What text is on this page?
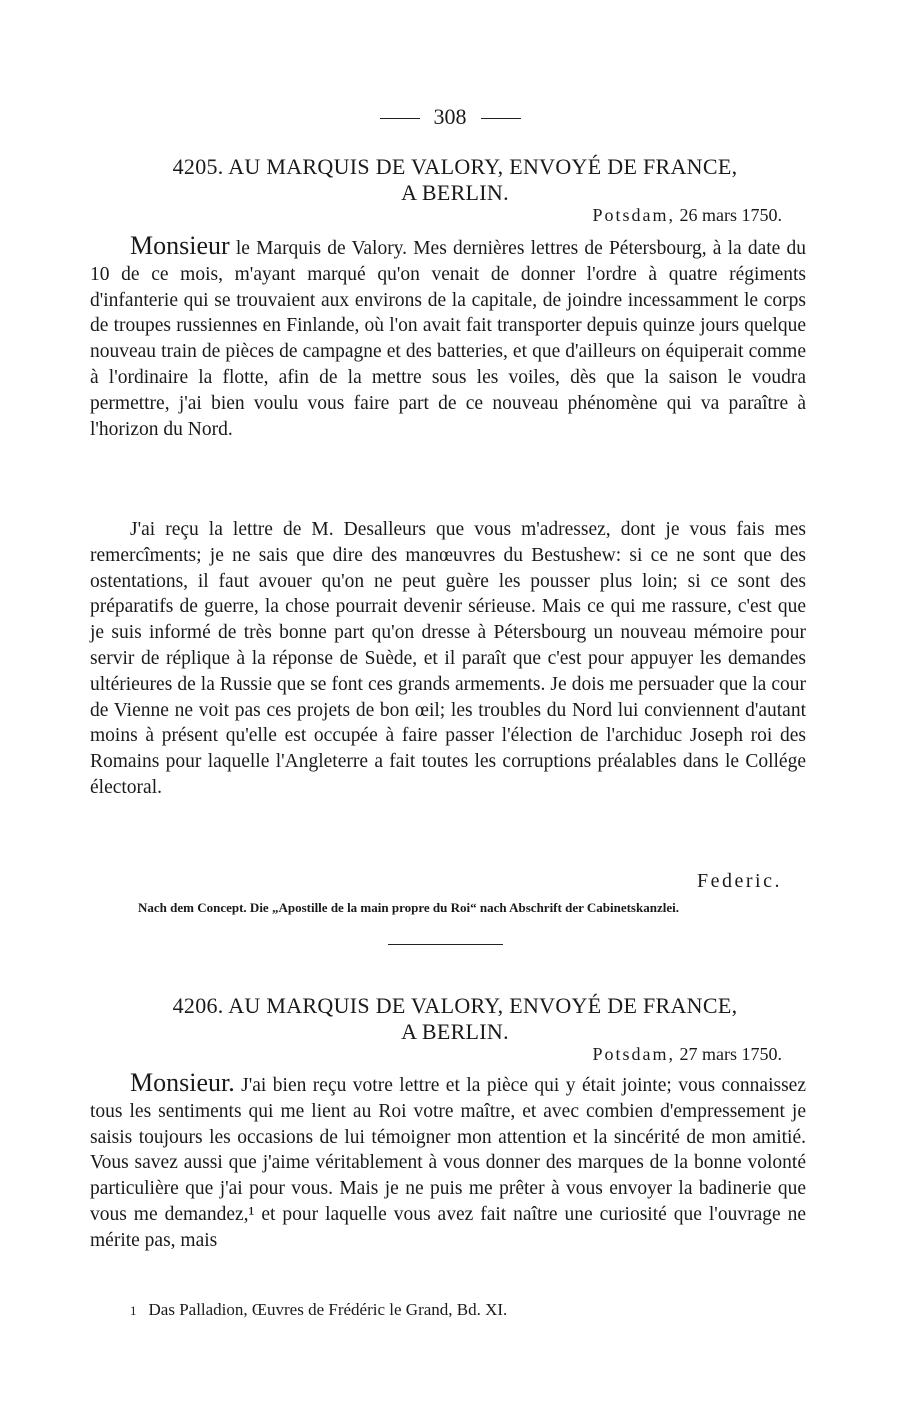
308
4205. AU MARQUIS DE VALORY, ENVOYÉ DE FRANCE,
A BERLIN.
Potsdam, 26 mars 1750.

Monsieur le Marquis de Valory. Mes dernières lettres de Pétersbourg, à la date du 10 de ce mois, m'ayant marqué qu'on venait de donner l'ordre à quatre régiments d'infanterie qui se trouvaient aux environs de la capitale, de joindre incessamment le corps de troupes russiennes en Finlande, où l'on avait fait transporter depuis quinze jours quelque nouveau train de pièces de campagne et des batteries, et que d'ailleurs on équiperait comme à l'ordinaire la flotte, afin de la mettre sous les voiles, dès que la saison le voudra permettre, j'ai bien voulu vous faire part de ce nouveau phénomène qui va paraître à l'horizon du Nord.

J'ai reçu la lettre de M. Desalleurs que vous m'adressez, dont je vous fais mes remercîments; je ne sais que dire des manœuvres du Bestushew: si ce ne sont que des ostentations, il faut avouer qu'on ne peut guère les pousser plus loin; si ce sont des préparatifs de guerre, la chose pourrait devenir sérieuse. Mais ce qui me rassure, c'est que je suis informé de très bonne part qu'on dresse à Pétersbourg un nouveau mémoire pour servir de réplique à la réponse de Suède, et il paraît que c'est pour appuyer les demandes ultérieures de la Russie que se font ces grands armements. Je dois me persuader que la cour de Vienne ne voit pas ces projets de bon œil; les troubles du Nord lui conviennent d'autant moins à présent qu'elle est occupée à faire passer l'élection de l'archiduc Joseph roi des Romains pour laquelle l'Angleterre a fait toutes les corruptions préalables dans le Collége électoral.

Federic.

Nach dem Concept. Die „Apostille de la main propre du Roi“ nach Abschrift der Cabinetskanzlei.

4206. AU MARQUIS DE VALORY, ENVOYÉ DE FRANCE,
A BERLIN.
Potsdam, 27 mars 1750.

Monsieur. J'ai bien reçu votre lettre et la pièce qui y était jointe; vous connaissez tous les sentiments qui me lient au Roi votre maître, et avec combien d'empressement je saisis toujours les occasions de lui témoigner mon attention et la sincérité de mon amitié. Vous savez aussi que j'aime véritablement à vous donner des marques de la bonne volonté particulière que j'ai pour vous. Mais je ne puis me prêter à vous envoyer la badinerie que vous me demandez,¹ et pour laquelle vous avez fait naître une curiosité que l'ouvrage ne mérite pas, mais

1 Das Palladion, Œuvres de Frédéric le Grand, Bd. XI.
